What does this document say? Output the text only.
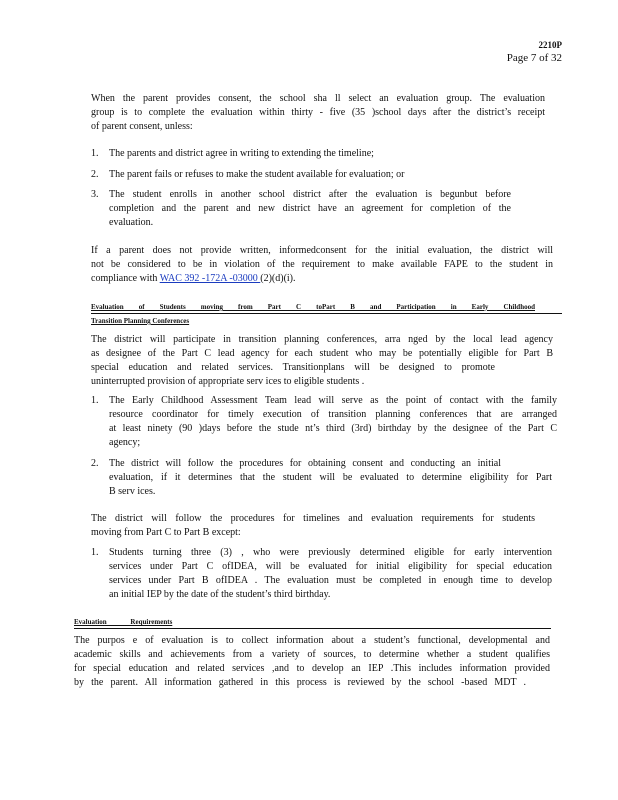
2210P
Page 7 of 32
When the parent provides consent, the school sha ll select an evaluation group. The evaluation
group is to complete the evaluation within thirty - five (35 )school days after the district’s receipt
of parent consent, unless:
1. The parents and district agree in writing to extending the timeline;
2. The parent fails or refuses to make the student available for evaluation; or
3. The student enrolls in another school district after the evaluation is begunbut before
completion and the parent and new district have an agreement for completion of the
evaluation.
If a parent does not provide written, informedconsent for the initial evaluation, the district will
not be considered to be in violation of the requirement to make available FAPE to the student in
compliance with WAC 392 -172A -03000 (2)(d)(i).
Evaluation of Students moving from Part C toPart B and Participation in Early Childhood
Transition Planning Conferences
The district will participate in transition planning conferences, arra nged by the local lead agency
as designee of the Part C lead agency for each student who may be potentially eligible for Part B
special education and related services. Transitionplans will be designed to promote
uninterrupted provision of appropriate serv ices to eligible students .
1. The Early Childhood Assessment Team lead will serve as the point of contact with the family
resource coordinator for timely execution of transition planning conferences that are arranged
at least ninety (90 )days before the stude nt’s third (3rd) birthday by the designee of the Part C
agency;
2. The district will follow the procedures for obtaining consent and conducting an initial
evaluation, if it determines that the student will be evaluated to determine eligibility for Part
B serv ices.
The district will follow the procedures for timelines and evaluation requirements for students
moving from Part C to Part B except:
1. Students turning three (3) , who were previously determined eligible for early intervention
services under Part C ofIDEA, will be evaluated for initial eligibility for special education
services under Part B ofIDEA . The evaluation must be completed in enough time to develop
an initial IEP by the date of the student’s third birthday.
Evaluation Requirements
The purpos e of evaluation is to collect information about a student’s functional, developmental and
academic skills and achievements from a variety of sources, to determine whether a student qualifies
for special education and related services ,and to develop an IEP .This includes information provided
by the parent. All information gathered in this process is reviewed by the school -based MDT .
